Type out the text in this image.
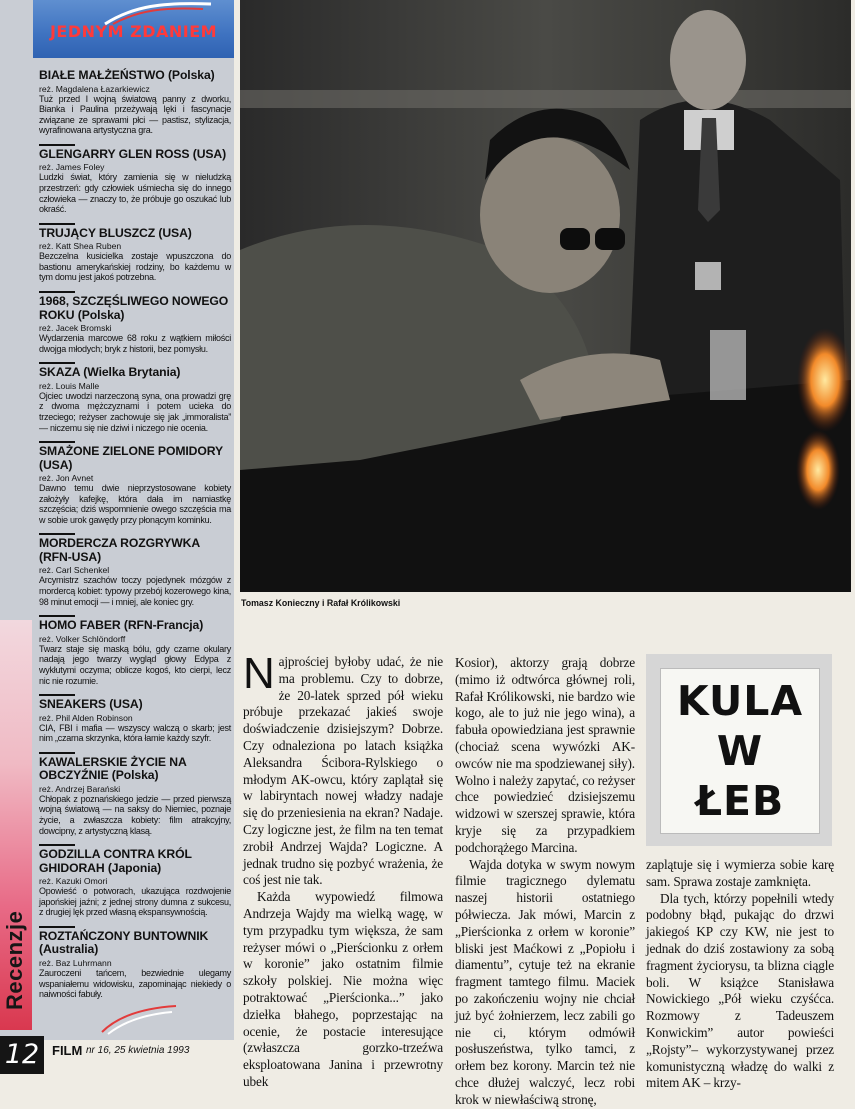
JEDNYM ZDANIEM
BIAŁE MAŁŻEŃSTWO (Polska)
reż. Magdalena Łazarkiewicz
Tuż przed I wojną światową panny z dworku, Bianka i Paulina przeżywają lęki i fascynacje związane ze sprawami płci — pastisz, stylizacja, wyrafinowana artystyczna gra.
GLENGARRY GLEN ROSS (USA)
reż. James Foley
Ludzki świat, który zamienia się w nieludzką przestrzeń: gdy człowiek uśmiecha się do innego człowieka — znaczy to, że próbuje go oszukać lub okraść.
TRUJĄCY BLUSZCZ (USA)
reż. Katt Shea Ruben
Bezczelna kusicielka zostaje wpuszczona do bastionu amerykańskiej rodziny, bo każdemu w tym domu jest jakoś potrzebna.
1968, SZCZĘŚLIWEGO NOWEGO ROKU (Polska)
reż. Jacek Bromski
Wydarzenia marcowe 68 roku z wątkiem miłości dwojga młodych; bryk z historii, bez pomysłu.
SKAZA (Wielka Brytania)
reż. Louis Malle
Ojciec uwodzi narzeczoną syna, ona prowadzi grę z dwoma mężczyznami i potem ucieka do trzeciego; reżyser zachowuje się jak „immoralista” — niczemu się nie dziwi i niczego nie ocenia.
SMAŻONE ZIELONE POMIDORY (USA)
reż. Jon Avnet
Dawno temu dwie nieprzystosowane kobiety założyły kafejkę, która dała im namiastkę szczęścia; dziś wspomnienie owego szczęścia ma w sobie urok gawędy przy płonącym kominku.
MORDERCZA ROZGRYWKA (RFN-USA)
reż. Carl Schenkel
Arcymistrz szachów toczy pojedynek mózgów z mordercą kobiet: typowy przebój kozerowego kina, 98 minut emocji — i mniej, ale koniec gry.
HOMO FABER (RFN-Francja)
reż. Volker Schlöndorff
Twarz staje się maską bólu, gdy czarne okulary nadają jego twarzy wygląd głowy Edypa z wykłutymi oczyma; oblicze kogoś, kto cierpi, lecz nic nie rozumie.
SNEAKERS (USA)
reż. Phil Alden Robinson
CIA, FBI i mafia — wszyscy walczą o skarb; jest nim „czarna skrzynka, która łamie każdy szyfr.
KAWALERSKIE ŻYCIE NA OBCZYŹNIE (Polska)
reż. Andrzej Barański
Chłopak z poznańskiego jedzie — przed pierwszą wojną światową — na saksy do Niemiec, poznaje życie, a zwłaszcza kobiety: film atrakcyjny, dowcipny, z artystyczną klasą.
GODZILLA CONTRA KRÓL GHIDORAH (Japonia)
reż. Kazuki Omori
Opowieść o potworach, ukazująca rozdwojenie japońskiej jaźni; z jednej strony dumna z sukcesu, z drugiej lęk przed własną ekspansywnością.
ROZTAŃCZONY BUNTOWNIK (Australia)
reż. Baz Luhrmann
Zauroczeni tańcem, bezwiednie ulegamy wspaniałemu widowisku, zapominając niekiedy o naiwności fabuły.
Recenzje
12 FILM nr 16, 25 kwietnia 1993
Tomasz Konieczny i Rafał Królikowski
KULA
W
ŁEB

Najprościej byłoby udać, że nie ma problemu. Czy to dobrze, że 20-latek sprzed pół wieku próbuje przekazać jakieś swoje doświadczenie dzisiejszym? Dobrze. Czy odnaleziona po latach książka Aleksandra Ścibora-Rylskiego o młodym AK-owcu, który zaplątał się w labiryntach nowej władzy nadaje się do przeniesienia na ekran? Nadaje. Czy logiczne jest, że film na ten temat zrobił Andrzej Wajda? Logiczne. A jednak trudno się pozbyć wrażenia, że coś jest nie tak.

Każda wypowiedź filmowa Andrzeja Wajdy ma wielką wagę, w tym przypadku tym większa, że sam reżyser mówi o „Pierścionku z orłem w koronie” jako ostatnim filmie szkoły polskiej. Nie można więc potraktować „Pierścionka...” jako dziełka błahego, poprzestając na ocenie, że postacie interesujące (zwłaszcza gorzko-trzeźwa eksploatowana Janina i przewrotny ubek

Kosior), aktorzy grają dobrze (mimo iż odtwórca głównej roli, Rafał Królikowski, nie bardzo wie kogo, ale to już nie jego wina), a fabuła opowiedziana jest sprawnie (chociaż scena wywózki AK-owców nie ma spodziewanej siły). Wolno i należy zapytać, co reżyser chce powiedzieć dzisiejszemu widzowi w szerszej sprawie, która kryje się za przypadkiem podchorążego Marcina.

Wajda dotyka w swym nowym filmie tragicznego dylematu naszej historii ostatniego półwiecza. Jak mówi, Marcin z „Pierścionka z orłem w koronie” bliski jest Maćkowi z „Popiołu i diamentu”, cytuje też na ekranie fragment tamtego filmu. Maciek po zakończeniu wojny nie chciał już być żołnierzem, lecz zabili go nie ci, którym odmówił posłuszeństwa, tylko tamci, z orłem bez korony. Marcin też nie chce dłużej walczyć, lecz robi krok w niewłaściwą stronę,

zaplątuje się i wymierza sobie karę sam. Sprawa zostaje zamknięta.

Dla tych, którzy popełnili wtedy podobny błąd, pukając do drzwi jakiegoś KP czy KW, nie jest to jednak do dziś zostawiony za sobą fragment życiorysu, ta blizna ciągle boli. W książce Stanisława Nowickiego „Pół wieku czyśćca. Rozmowy z Tadeuszem Konwickim” autor powieści „Rojsty”– wykorzystywanej przez komunistyczną władzę do walki z mitem AK – krzy-
